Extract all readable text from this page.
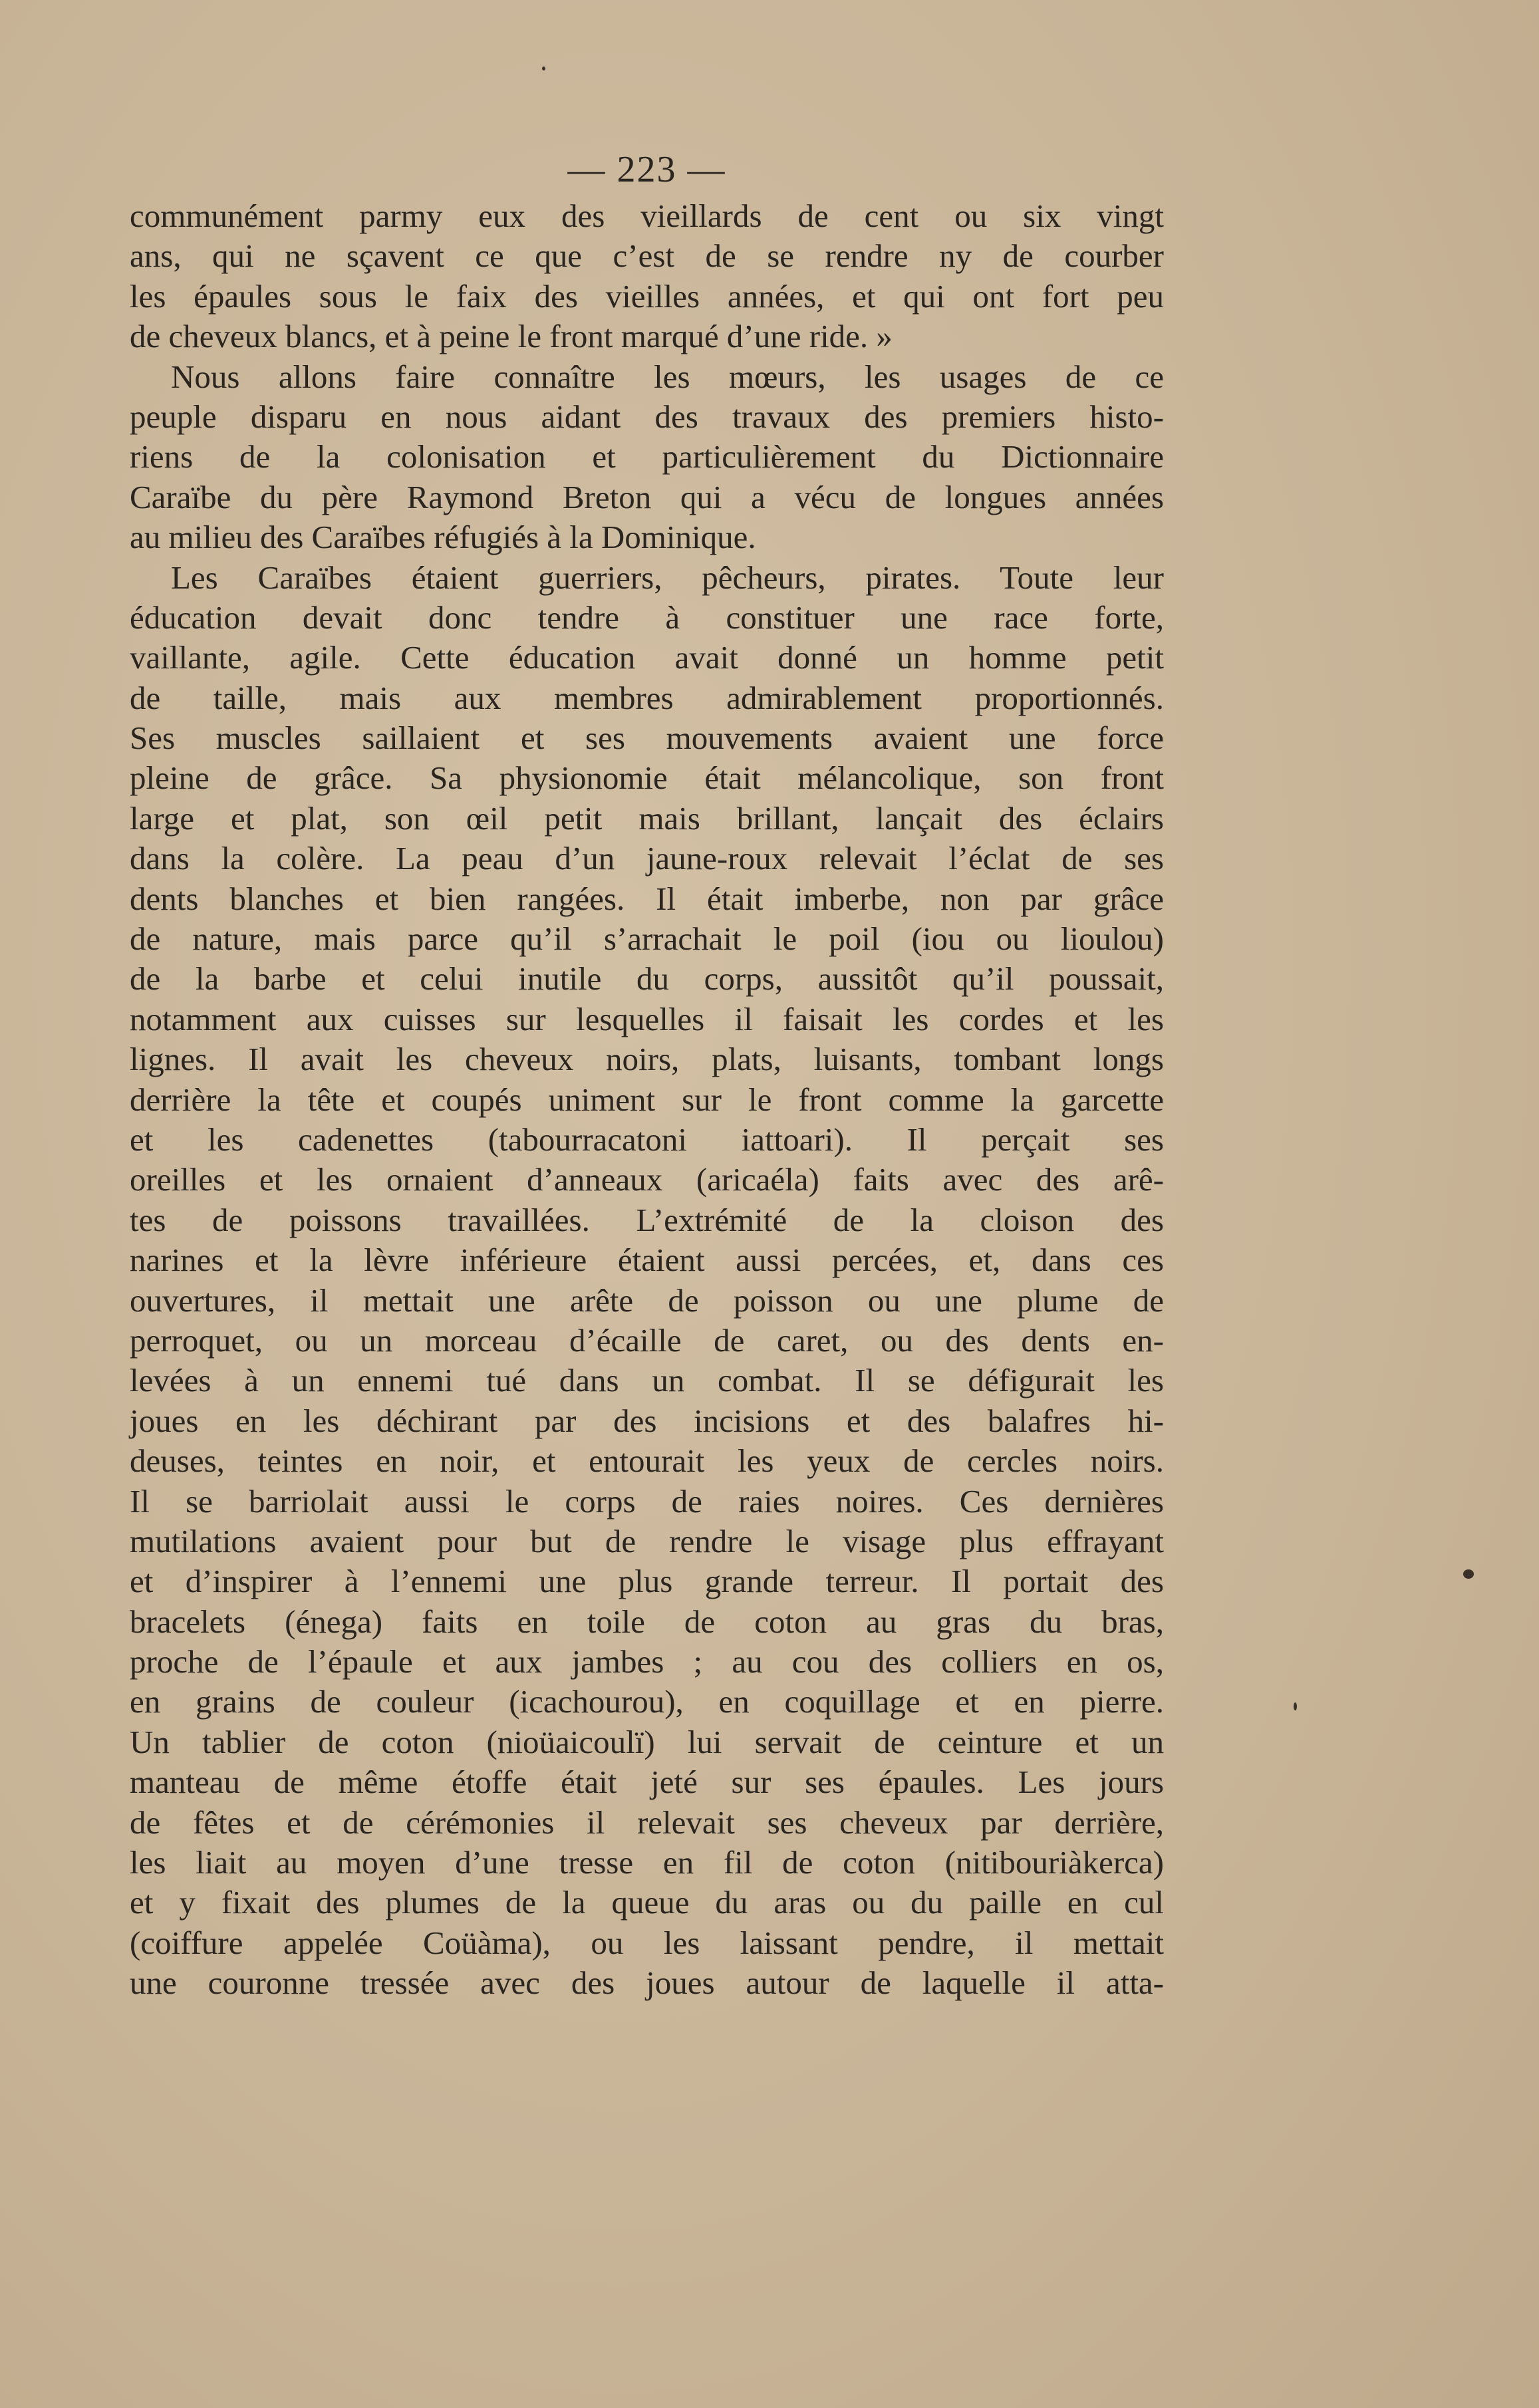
— 223 —
communément parmy eux des vieillards de cent ou six vingt
ans, qui ne sçavent ce que c’est de se rendre ny de courber
les épaules sous le faix des vieilles années, et qui ont fort peu
de cheveux blancs, et à peine le front marqué d’une ride. »
Nous allons faire connaître les mœurs, les usages de ce
peuple disparu en nous aidant des travaux des premiers histo-
riens de la colonisation et particulièrement du Dictionnaire
Caraïbe du père Raymond Breton qui a vécu de longues années
au milieu des Caraïbes réfugiés à la Dominique.
Les Caraïbes étaient guerriers, pêcheurs, pirates. Toute leur
éducation devait donc tendre à constituer une race forte,
vaillante, agile. Cette éducation avait donné un homme petit
de taille, mais aux membres admirablement proportionnés.
Ses muscles saillaient et ses mouvements avaient une force
pleine de grâce. Sa physionomie était mélancolique, son front
large et plat, son œil petit mais brillant, lançait des éclairs
dans la colère. La peau d’un jaune-roux relevait l’éclat de ses
dents blanches et bien rangées. Il était imberbe, non par grâce
de nature, mais parce qu’il s’arrachait le poil (iou ou lioulou)
de la barbe et celui inutile du corps, aussitôt qu’il poussait,
notamment aux cuisses sur lesquelles il faisait les cordes et les
lignes. Il avait les cheveux noirs, plats, luisants, tombant longs
derrière la tête et coupés uniment sur le front comme la garcette
et les cadenettes (tabourracatoni iattoari). Il perçait ses
oreilles et les ornaient d’anneaux (aricaéla) faits avec des arê-
tes de poissons travaillées. L’extrémité de la cloison des
narines et la lèvre inférieure étaient aussi percées, et, dans ces
ouvertures, il mettait une arête de poisson ou une plume de
perroquet, ou un morceau d’écaille de caret, ou des dents en-
levées à un ennemi tué dans un combat. Il se défigurait les
joues en les déchirant par des incisions et des balafres hi-
deuses, teintes en noir, et entourait les yeux de cercles noirs.
Il se barriolait aussi le corps de raies noires. Ces dernières
mutilations avaient pour but de rendre le visage plus effrayant
et d’inspirer à l’ennemi une plus grande terreur. Il portait des
bracelets (énega) faits en toile de coton au gras du bras,
proche de l’épaule et aux jambes ; au cou des colliers en os,
en grains de couleur (icachourou), en coquillage et en pierre.
Un tablier de coton (nioüaicoulï) lui servait de ceinture et un
manteau de même étoffe était jeté sur ses épaules. Les jours
de fêtes et de cérémonies il relevait ses cheveux par derrière,
les liait au moyen d’une tresse en fil de coton (nitibouriàkerca)
et y fixait des plumes de la queue du aras ou du paille en cul
(coiffure appelée Coüàma), ou les laissant pendre, il mettait
une couronne tressée avec des joues autour de laquelle il atta-
